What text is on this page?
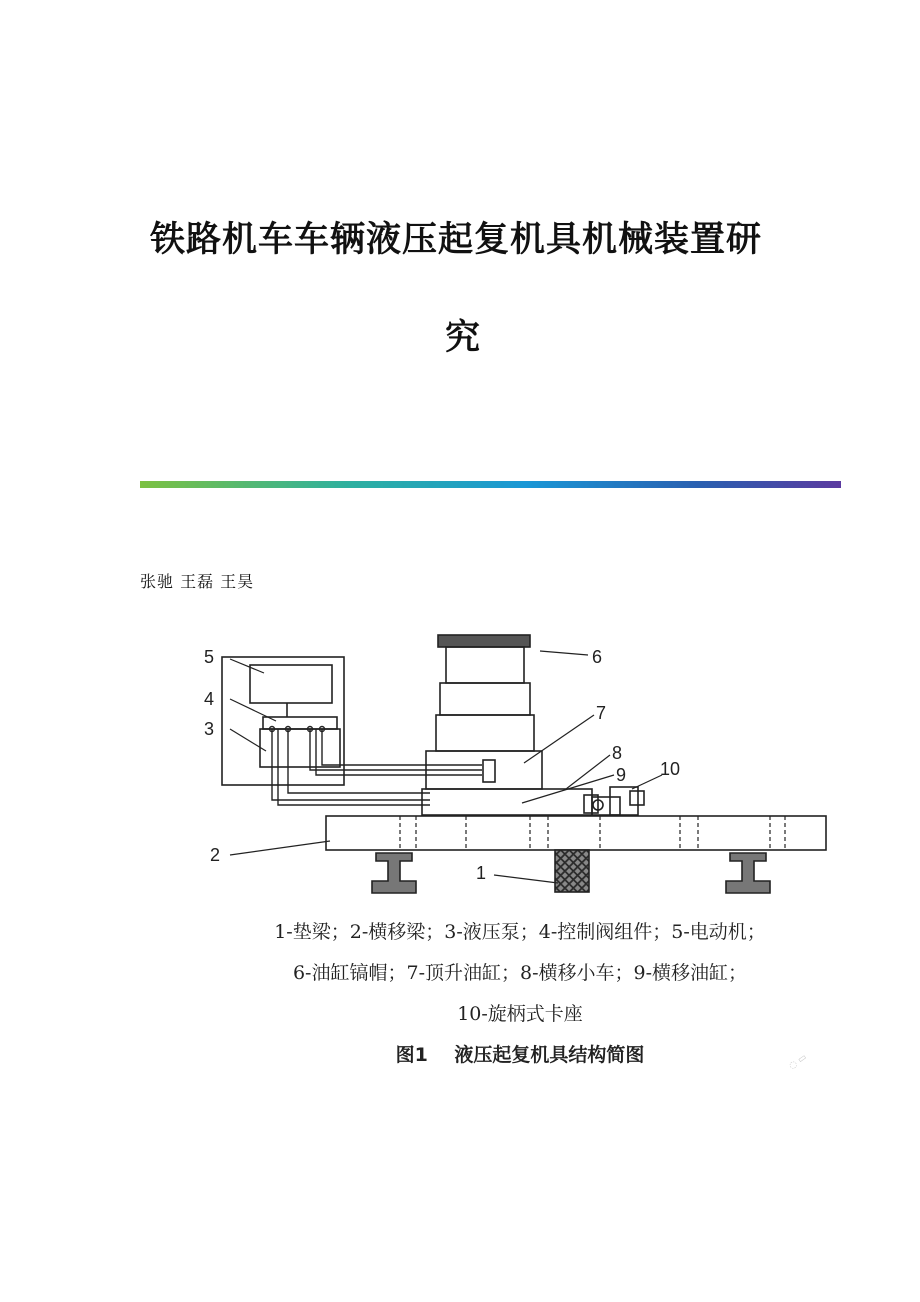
铁路机车车辆液压起复机具机械装置研
究
张驰 王磊 王昊
5
4
3
6
7
8
9 10
2
1
1-垫梁；2-横移梁；3-液压泵；4-控制阀组件；5-电动机；
6-油缸镐帽；7-顶升油缸；8-横移小车；9-横移油缸；
10-旋柄式卡座
图1 液压起复机具结构简图	◌ ▭
